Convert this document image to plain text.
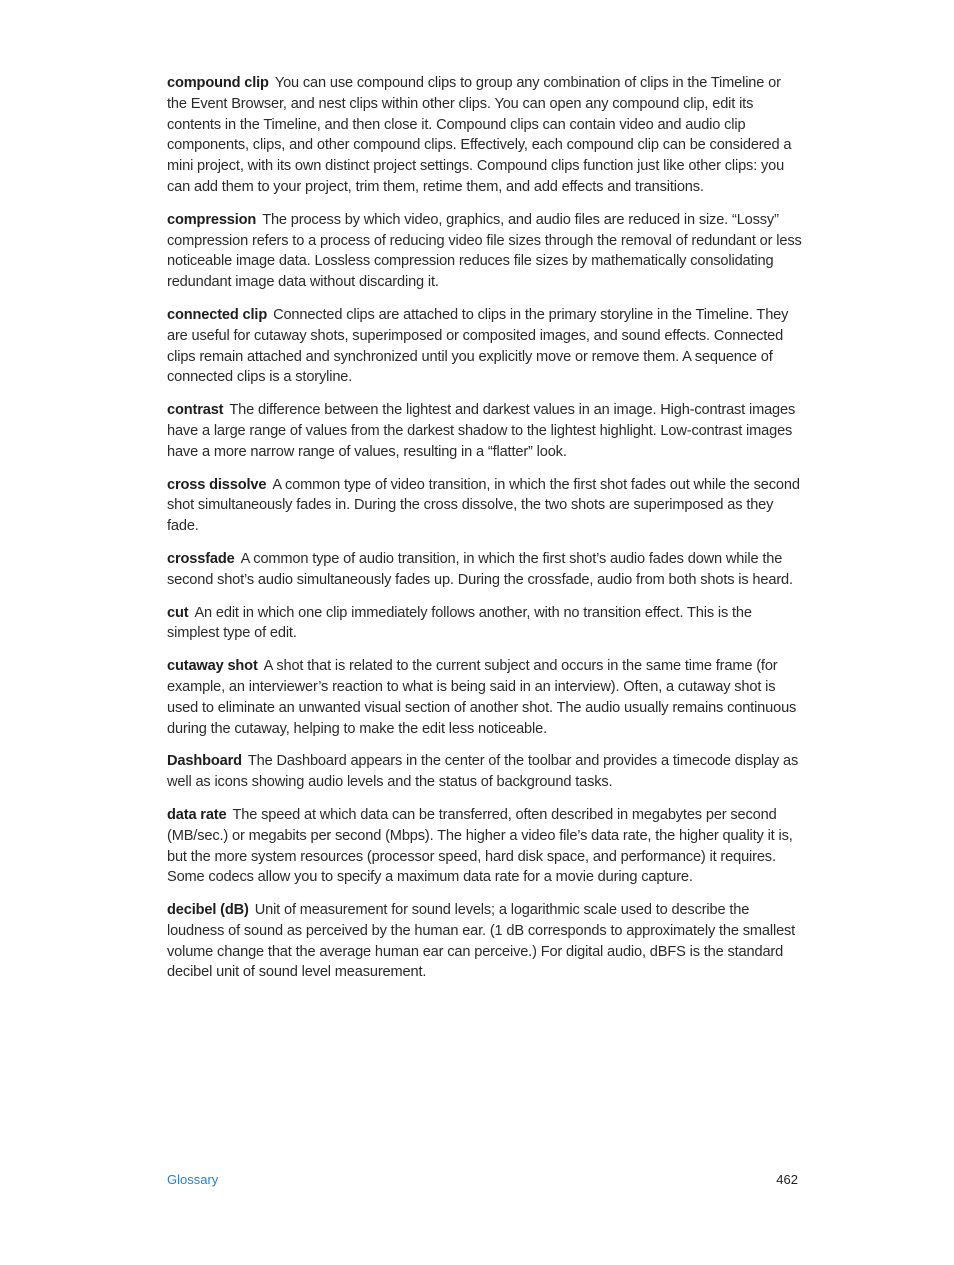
compound clip You can use compound clips to group any combination of clips in the Timeline or the Event Browser, and nest clips within other clips. You can open any compound clip, edit its contents in the Timeline, and then close it. Compound clips can contain video and audio clip components, clips, and other compound clips. Effectively, each compound clip can be considered a mini project, with its own distinct project settings. Compound clips function just like other clips: you can add them to your project, trim them, retime them, and add effects and transitions.

compression The process by which video, graphics, and audio files are reduced in size. “Lossy” compression refers to a process of reducing video file sizes through the removal of redundant or less noticeable image data. Lossless compression reduces file sizes by mathematically consolidating redundant image data without discarding it.

connected clip Connected clips are attached to clips in the primary storyline in the Timeline. They are useful for cutaway shots, superimposed or composited images, and sound effects. Connected clips remain attached and synchronized until you explicitly move or remove them. A sequence of connected clips is a storyline.

contrast The difference between the lightest and darkest values in an image. High-contrast images have a large range of values from the darkest shadow to the lightest highlight. Low-contrast images have a more narrow range of values, resulting in a “flatter” look.

cross dissolve A common type of video transition, in which the first shot fades out while the second shot simultaneously fades in. During the cross dissolve, the two shots are superimposed as they fade.

crossfade A common type of audio transition, in which the first shot’s audio fades down while the second shot’s audio simultaneously fades up. During the crossfade, audio from both shots is heard.

cut An edit in which one clip immediately follows another, with no transition effect. This is the simplest type of edit.

cutaway shot A shot that is related to the current subject and occurs in the same time frame (for example, an interviewer’s reaction to what is being said in an interview). Often, a cutaway shot is used to eliminate an unwanted visual section of another shot. The audio usually remains continuous during the cutaway, helping to make the edit less noticeable.

Dashboard The Dashboard appears in the center of the toolbar and provides a timecode display as well as icons showing audio levels and the status of background tasks.

data rate The speed at which data can be transferred, often described in megabytes per second (MB/sec.) or megabits per second (Mbps). The higher a video file’s data rate, the higher quality it is, but the more system resources (processor speed, hard disk space, and performance) it requires. Some codecs allow you to specify a maximum data rate for a movie during capture.

decibel (dB) Unit of measurement for sound levels; a logarithmic scale used to describe the loudness of sound as perceived by the human ear. (1 dB corresponds to approximately the smallest volume change that the average human ear can perceive.) For digital audio, dBFS is the standard decibel unit of sound level measurement.

Glossary	462
